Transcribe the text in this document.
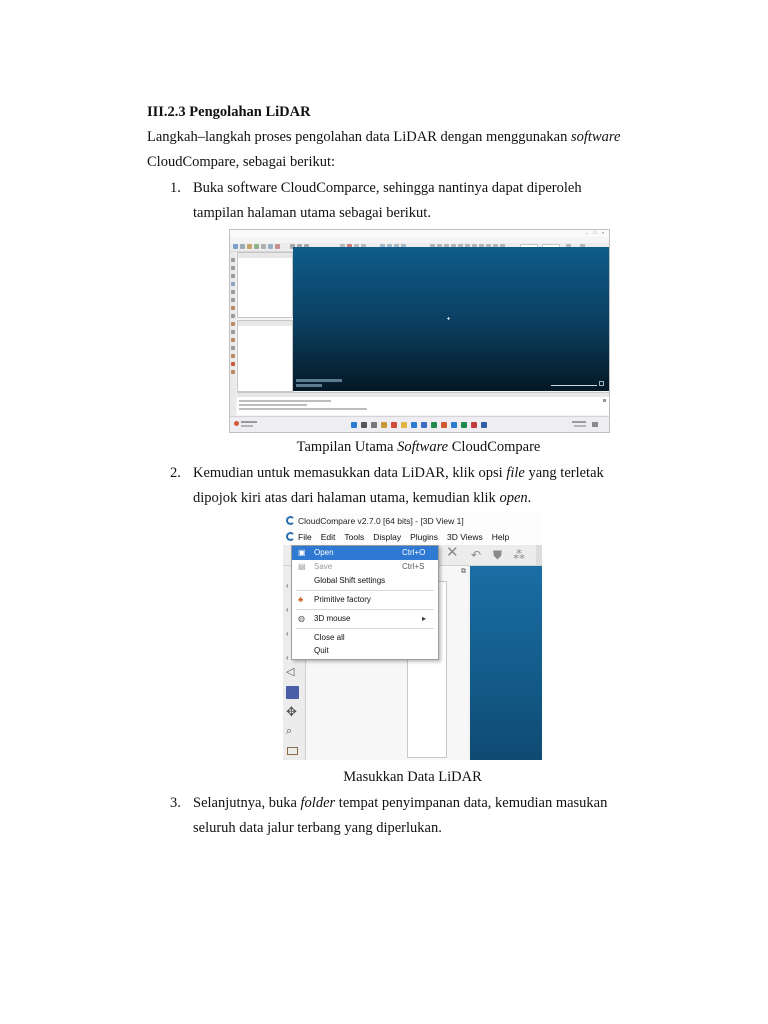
III.2.3 Pengolahan LiDAR
Langkah–langkah proses pengolahan data LiDAR dengan menggunakan software
CloudCompare, sebagai berikut:
1. Buka software CloudComparce, sehingga nantinya dapat diperoleh
tampilan halaman utama sebagai berikut.
– □ ×
Tampilan Utama Software CloudCompare
2. Kemudian untuk memasukkan data LiDAR, klik opsi file yang terletak
dipojok kiri atas dari halaman utama, kemudian klik open.
CloudCompare v2.7.0 [64 bits] - [3D View 1]
File Edit Tools Display Plugins 3D Views Help
✕ ↶ ⛊ ⁂
‹
‹
‹
‹
◁
✥
⌕
⧉
▣ Open	Ctrl+O
▤ Save	Ctrl+S
Global Shift settings
♣ Primitive factory
◍ 3D mouse	▸
Close all
Quit
Masukkan Data LiDAR
3. Selanjutnya, buka folder tempat penyimpanan data, kemudian masukan
seluruh data jalur terbang yang diperlukan.
